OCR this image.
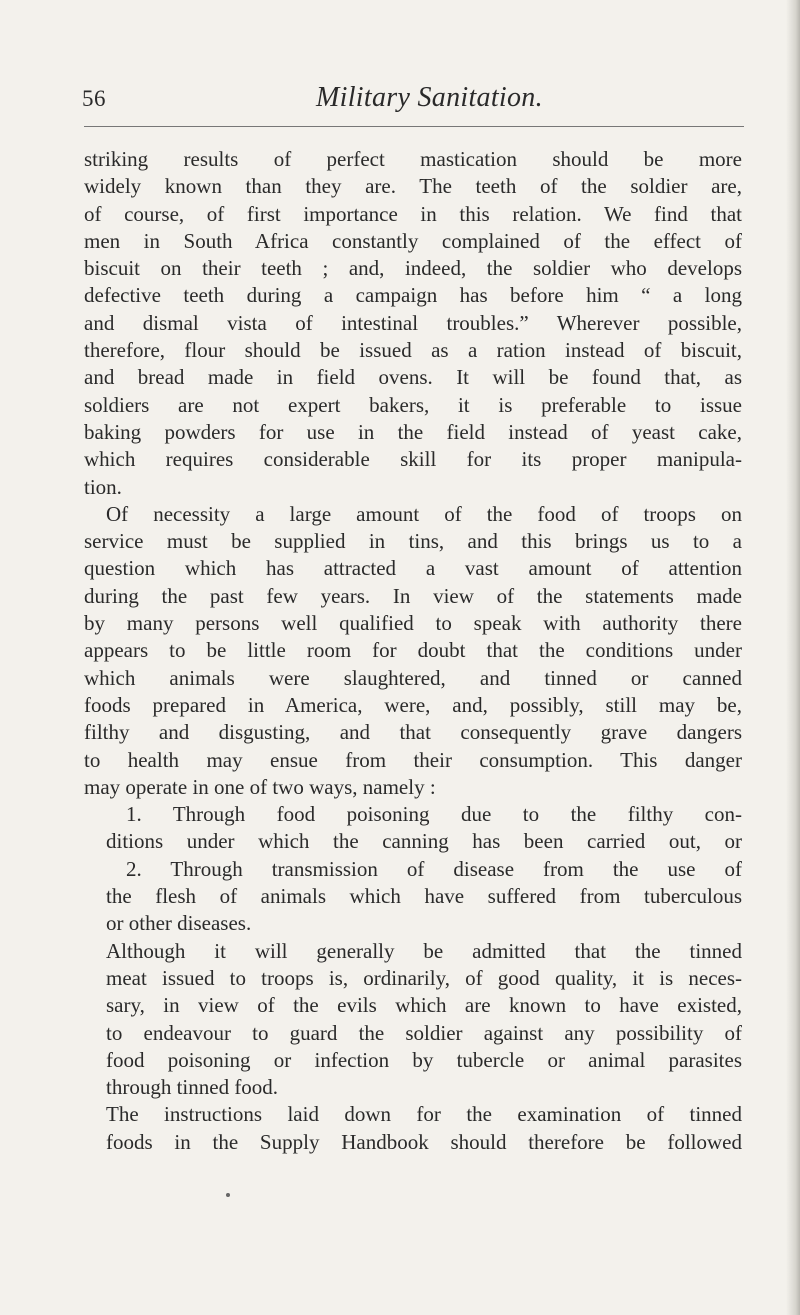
56	Military Sanitation.
striking results of perfect mastication should be more
widely known than they are. The teeth of the soldier are,
of course, of first importance in this relation. We find that
men in South Africa constantly complained of the effect of
biscuit on their teeth ; and, indeed, the soldier who develops
defective teeth during a campaign has before him “ a long
and dismal vista of intestinal troubles.” Wherever possible,
therefore, flour should be issued as a ration instead of biscuit,
and bread made in field ovens. It will be found that, as
soldiers are not expert bakers, it is preferable to issue
baking powders for use in the field instead of yeast cake,
which requires considerable skill for its proper manipula-
tion.
Of necessity a large amount of the food of troops on
service must be supplied in tins, and this brings us to a
question which has attracted a vast amount of attention
during the past few years. In view of the statements made
by many persons well qualified to speak with authority there
appears to be little room for doubt that the conditions under
which animals were slaughtered, and tinned or canned
foods prepared in America, were, and, possibly, still may be,
filthy and disgusting, and that consequently grave dangers
to health may ensue from their consumption. This danger
may operate in one of two ways, namely :
1. Through food poisoning due to the filthy con-
ditions under which the canning has been carried out, or
2. Through transmission of disease from the use of
the flesh of animals which have suffered from tuberculous
or other diseases.
Although it will generally be admitted that the tinned
meat issued to troops is, ordinarily, of good quality, it is neces-
sary, in view of the evils which are known to have existed,
to endeavour to guard the soldier against any possibility of
food poisoning or infection by tubercle or animal parasites
through tinned food.
The instructions laid down for the examination of tinned
foods in the Supply Handbook should therefore be followed
